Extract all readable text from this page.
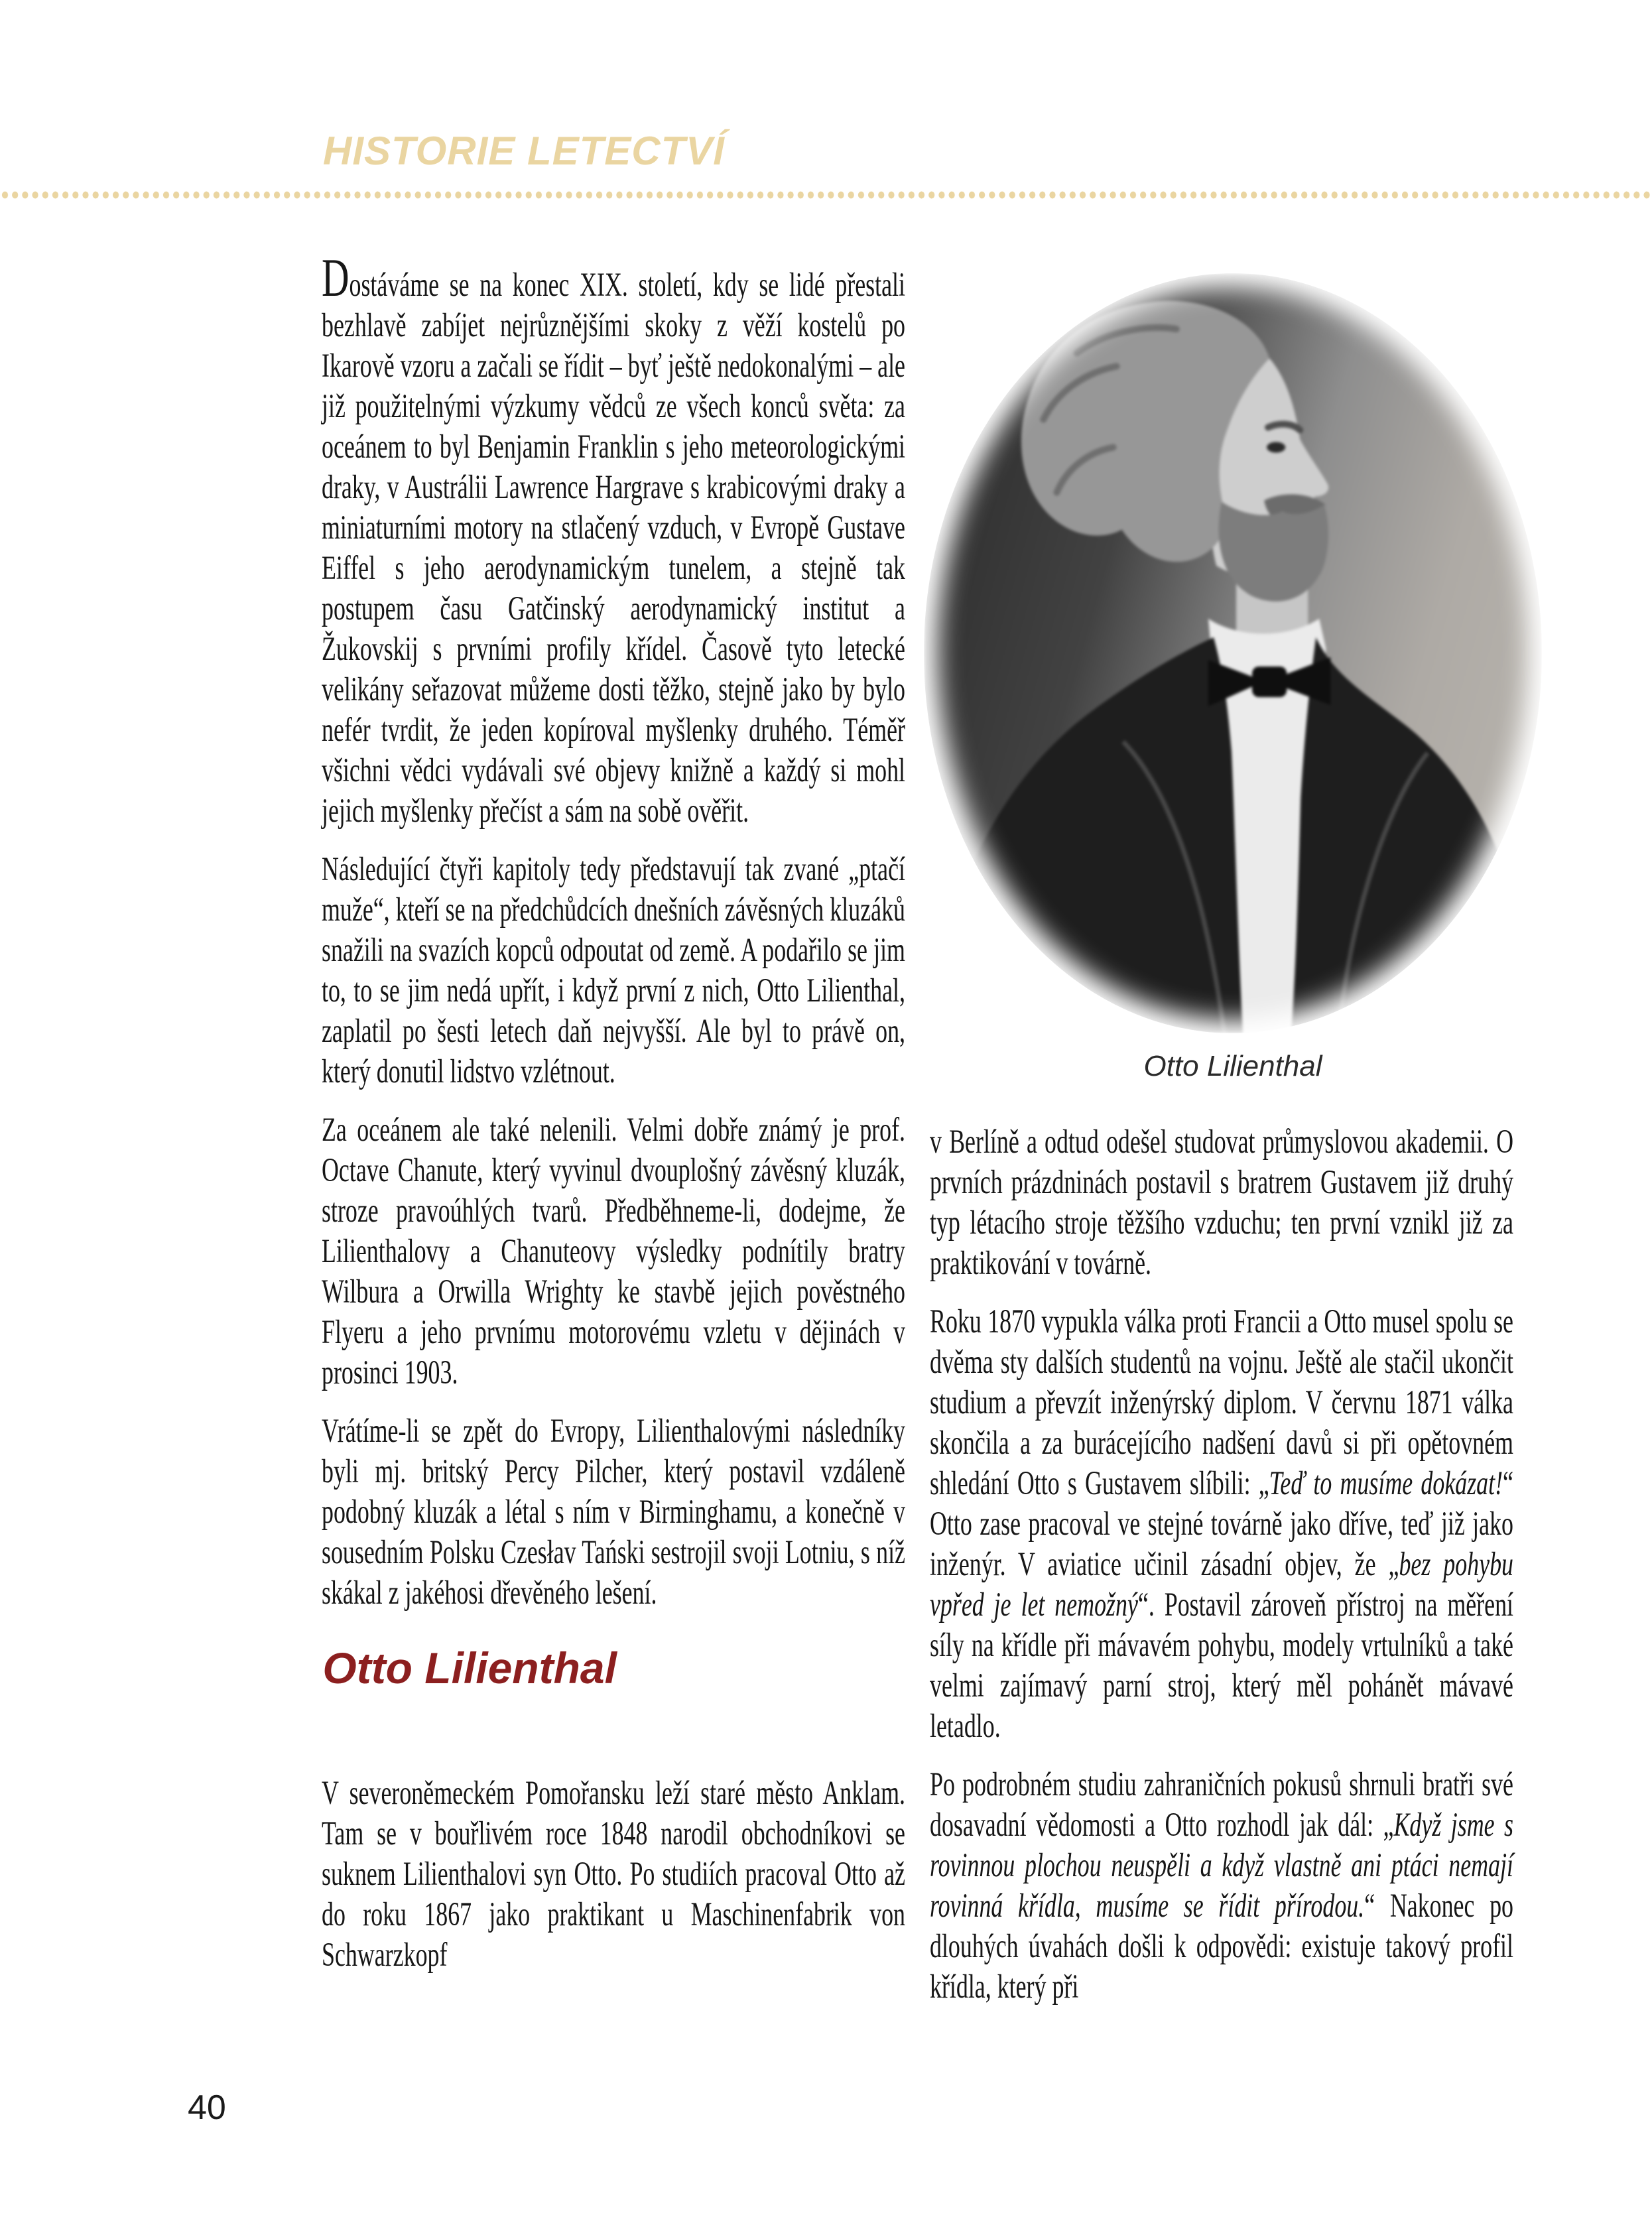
HISTORIE LETECTVÍ

Dostáváme se na konec XIX. století, kdy se lidé přestali bezhlavě zabíjet nejrůznějšími skoky z věží kostelů po Ikarově vzoru a začali se řídit – byť ještě nedokonalými – ale již použitelnými výzkumy vědců ze všech konců světa: za oceánem to byl Benjamin Franklin s jeho meteorologickými draky, v Austrálii Lawrence Hargrave s krabicovými draky a miniaturními motory na stlačený vzduch, v Evropě Gustave Eiffel s jeho aerodynamickým tunelem, a stejně tak postupem času Gatčinský aerodynamický institut a Žukovskij s prvními profily křídel. Časově tyto letecké velikány seřazovat můžeme dosti těžko, stejně jako by bylo nefér tvrdit, že jeden kopíroval myšlenky druhého. Téměř všichni vědci vydávali své objevy knižně a každý si mohl jejich myšlenky přečíst a sám na sobě ověřit.

Následující čtyři kapitoly tedy představují tak zvané „ptačí muže“, kteří se na předchůdcích dnešních závěsných kluzáků snažili na svazích kopců odpoutat od země. A podařilo se jim to, to se jim nedá upřít, i když první z nich, Otto Lilienthal, zaplatil po šesti letech daň nejvyšší. Ale byl to právě on, který donutil lidstvo vzlétnout.

Za oceánem ale také nelenili. Velmi dobře známý je prof. Octave Chanute, který vyvinul dvouplošný závěsný kluzák, stroze pravoúhlých tvarů. Předběhneme-li, dodejme, že Lilienthalovy a Chanuteovy výsledky podnítily bratry Wilbura a Orwilla Wrighty ke stavbě jejich pověstného Flyeru a jeho prvnímu motorovému vzletu v dějinách v prosinci 1903.

Vrátíme-li se zpět do Evropy, Lilienthalovými následníky byli mj. britský Percy Pilcher, který postavil vzdáleně podobný kluzák a létal s ním v Birminghamu, a konečně v sousedním Polsku Czesłav Tański sestrojil svoji Lotniu, s níž skákal z jakéhosi dřevěného lešení.

Otto Lilienthal

V severoněmeckém Pomořansku leží staré město Anklam. Tam se v bouřlivém roce 1848 narodil obchodníkovi se suknem Lilienthalovi syn Otto. Po studiích pracoval Otto až do roku 1867 jako praktikant u Maschinenfabrik von Schwarzkopf

Otto Lilienthal

v Berlíně a odtud odešel studovat průmyslovou akademii. O prvních prázdninách postavil s bratrem Gustavem již druhý typ létacího stroje těžšího vzduchu; ten první vznikl již za praktikování v továrně.

Roku 1870 vypukla válka proti Francii a Otto musel spolu se dvěma sty dalších studentů na vojnu. Ještě ale stačil ukončit studium a převzít inženýrský diplom. V červnu 1871 válka skončila a za burácejícího nadšení davů si při opětovném shledání Otto s Gustavem slíbili: „Teď to musíme dokázat!“ Otto zase pracoval ve stejné továrně jako dříve, teď již jako inženýr. V aviatice učinil zásadní objev, že „bez pohybu vpřed je let nemožný“. Postavil zároveň přístroj na měření síly na křídle při mávavém pohybu, modely vrtulníků a také velmi zajímavý parní stroj, který měl pohánět mávavé letadlo.

Po podrobném studiu zahraničních pokusů shrnuli bratři své dosavadní vědomosti a Otto rozhodl jak dál: „Když jsme s rovinnou plochou neuspěli a když vlastně ani ptáci nemají rovinná křídla, musíme se řídit přírodou.“ Nakonec po dlouhých úvahách došli k odpovědi: existuje takový profil křídla, který při

40
